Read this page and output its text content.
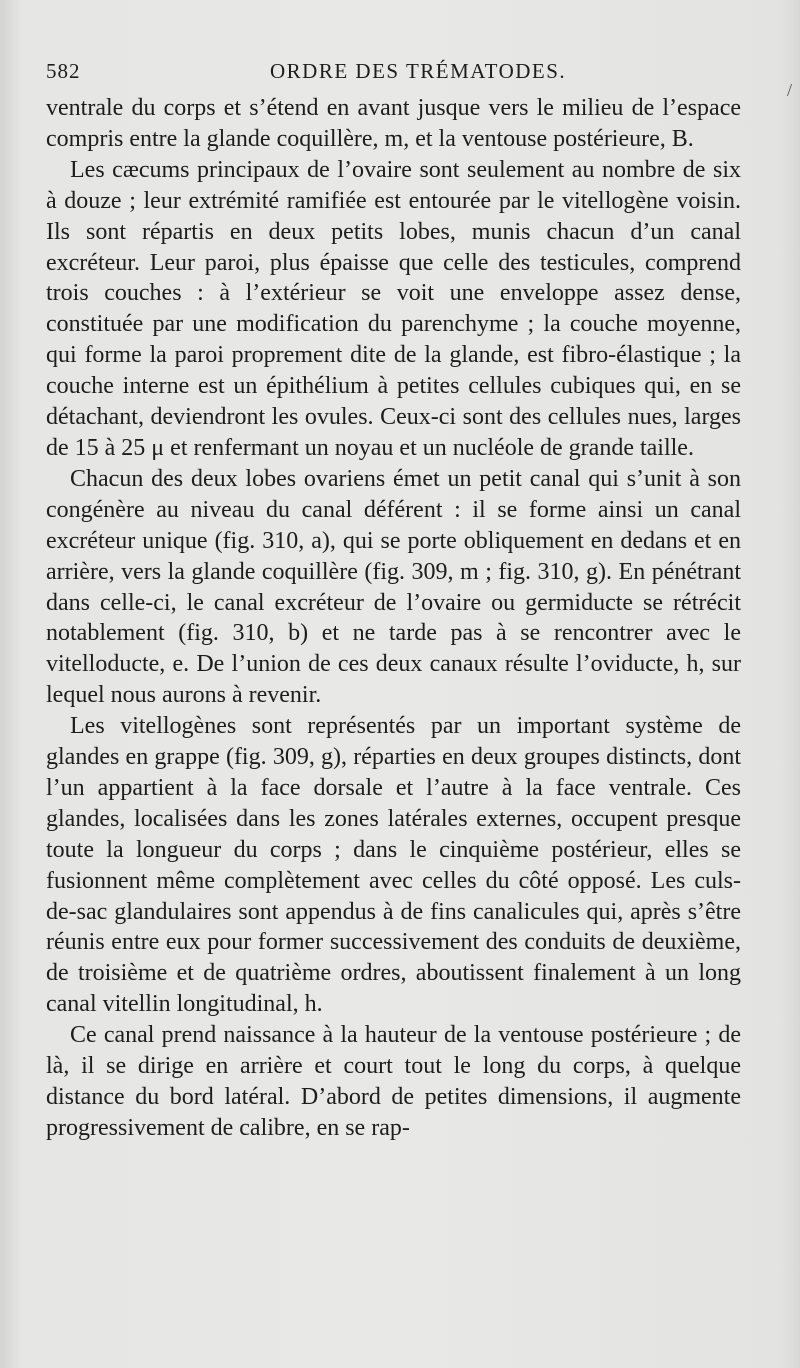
582	ORDRE DES TRÉMATODES.
/

ventrale du corps et s’étend en avant jusque vers le milieu de l’espace compris entre la glande coquillère, m, et la ventouse postérieure, B.

Les cæcums principaux de l’ovaire sont seulement au nombre de six à douze ; leur extrémité ramifiée est entourée par le vitellogène voisin. Ils sont répartis en deux petits lobes, munis chacun d’un canal excréteur. Leur paroi, plus épaisse que celle des testicules, comprend trois couches : à l’extérieur se voit une enveloppe assez dense, constituée par une modification du parenchyme ; la couche moyenne, qui forme la paroi proprement dite de la glande, est fibro-élastique ; la couche interne est un épithélium à petites cellules cubiques qui, en se détachant, deviendront les ovules. Ceux-ci sont des cellules nues, larges de 15 à 25 μ et renfermant un noyau et un nucléole de grande taille.

Chacun des deux lobes ovariens émet un petit canal qui s’unit à son congénère au niveau du canal déférent : il se forme ainsi un canal excréteur unique (fig. 310, a), qui se porte obliquement en dedans et en arrière, vers la glande coquillère (fig. 309, m ; fig. 310, g). En pénétrant dans celle-ci, le canal excréteur de l’ovaire ou germiducte se rétrécit notablement (fig. 310, b) et ne tarde pas à se rencontrer avec le vitelloducte, e. De l’union de ces deux canaux résulte l’oviducte, h, sur lequel nous aurons à revenir.

Les vitellogènes sont représentés par un important système de glandes en grappe (fig. 309, g), réparties en deux groupes distincts, dont l’un appartient à la face dorsale et l’autre à la face ventrale. Ces glandes, localisées dans les zones latérales externes, occupent presque toute la longueur du corps ; dans le cinquième postérieur, elles se fusionnent même complètement avec celles du côté opposé. Les culs-de-sac glandulaires sont appendus à de fins canalicules qui, après s’être réunis entre eux pour former successivement des conduits de deuxième, de troisième et de quatrième ordres, aboutissent finalement à un long canal vitellin longitudinal, h.

Ce canal prend naissance à la hauteur de la ventouse postérieure ; de là, il se dirige en arrière et court tout le long du corps, à quelque distance du bord latéral. D’abord de petites dimensions, il augmente progressivement de calibre, en se rap-
